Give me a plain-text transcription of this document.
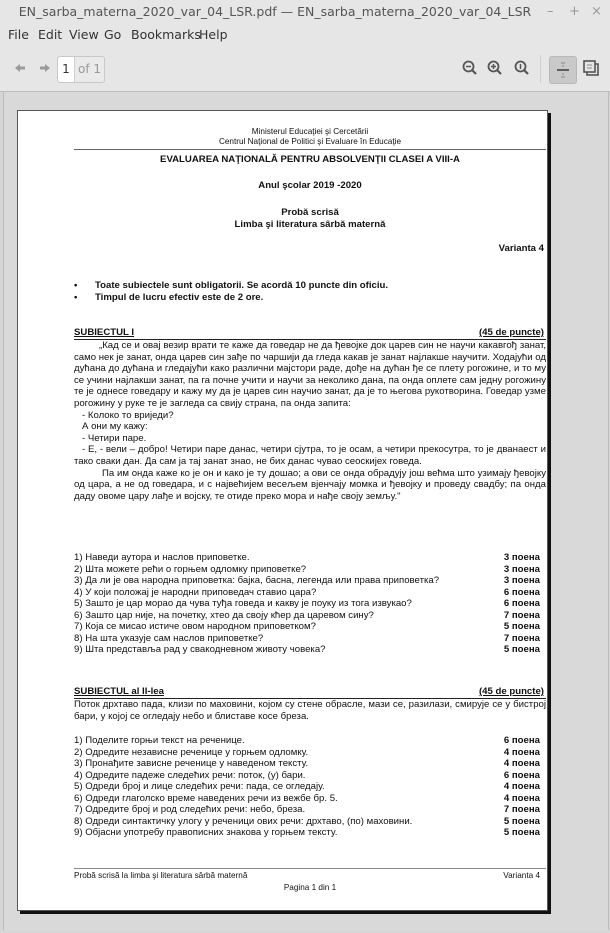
EN_sarba_materna_2020_var_04_LSR.pdf — EN_sarba_materna_2020_var_04_LSR	– + ×
File Edit View Go Bookmarks
Help
1 of 1
Ministerul Educaţiei şi Cercetării
Centrul Naţional de Politici şi Evaluare în Educaţie
EVALUAREA NAŢIONALĂ PENTRU ABSOLVENŢII CLASEI A VIII-A
Anul şcolar 2019 -2020
Probă scrisă
Limba şi literatura sârbă maternă
Varianta 4
• Toate subiectele sunt obligatorii. Se acordă 10 puncte din oficiu.
• Timpul de lucru efectiv este de 2 ore.
SUBIECTUL I	(45 de puncte)

„Кад се и овај везир врати те каже да говедар не да ђевојке док царев син не научи какавгођ занат, само нек је занат, онда царев син зађе по чаршији да гледа какав је занат најлакше научити. Ходајући од дућана до дућана и гледајући како различни мајстори раде, дође на дућан ђе се плету рогожине, и то му се учини најлакши занат, па га почне учити и научи за неколико дана, па онда оплете сам једну рогожину те је однесе говедару и кажу му да је царев син научио занат, да је то његова рукотворина. Говедар узме рогожину у руке те је загледа са свију страна, па онда запита:

- Колоко то вриједи?

А они му кажу:

- Четири паре.

- Е, - вели – добро! Четири паре данас, четири сјутра, то је осам, а четири прекосутра, то је дванаест и тако сваки дан. Да сам ја тај занат знао, не бих данас чувао сеоскијех говеда.

Па им онда каже ко је он и како је ту дошао; а ови се онда обрадују још већма што узимају ђевојку од цара, а не од говедара, и с највећијем весељем вјенчају момка и ђевојку и проведу свадбу; па онда даду овоме цару лађе и војску, те отиде преко мора и нађе своју земљу."

1) Наведи аутора и наслов приповетке.	3 поена
2) Шта можете рећи о горњем одломку приповетке?	3 поена
3) Да ли је ова народна приповетка: бајка, басна, легенда или права приповетка?	3 поена
4) У који положај је народни приповедач ставио цара?	6 поена
5) Зашто је цар морао да чува туђа говеда и какву је поуку из тога извукао?	6 поена
6) Зашто цар није, на почетку, хтео да своју кћер да царевом сину?	7 поена
7) Која се мисао истиче овом народном приповетком?	5 поена
8) На шта указује сам наслов приповетке?	7 поена
9) Шта представља рад у свакодневном животу човека?	5 поена
SUBIECTUL al II-lea	(45 de puncte)
Поток дрхтаво пада, клизи по маховини, којом су стене обрасле, мази се, разилази, смирује се у бистрој бари, у којој се огледају небо и блиставе косе бреза.
1) Поделите горњи текст на реченице.	6 поена
2) Одредите независне реченице у горњем одломку.	4 поена
3) Пронађите зависне реченице у наведеном тексту.	4 поена
4) Одредите падеже следећих речи: поток, (у) бари.	6 поена
5) Одреди број и лице следећих речи: пада, се огледају.	4 поена
6) Одреди глаголско време наведених речи из вежбе бр. 5.	4 поена
7) Одредите број и род следећих речи: небо, бреза.	7 поена
8) Одреди синтактичку улогу у реченици ових речи: дрхтаво, (по) маховини.	5 поена
9) Објасни употребу правописних знакова у горњем тексту.	5 поена
Probă scrisă la limba şi literatura sârbă maternă	Varianta 4
Pagina 1 din 1
